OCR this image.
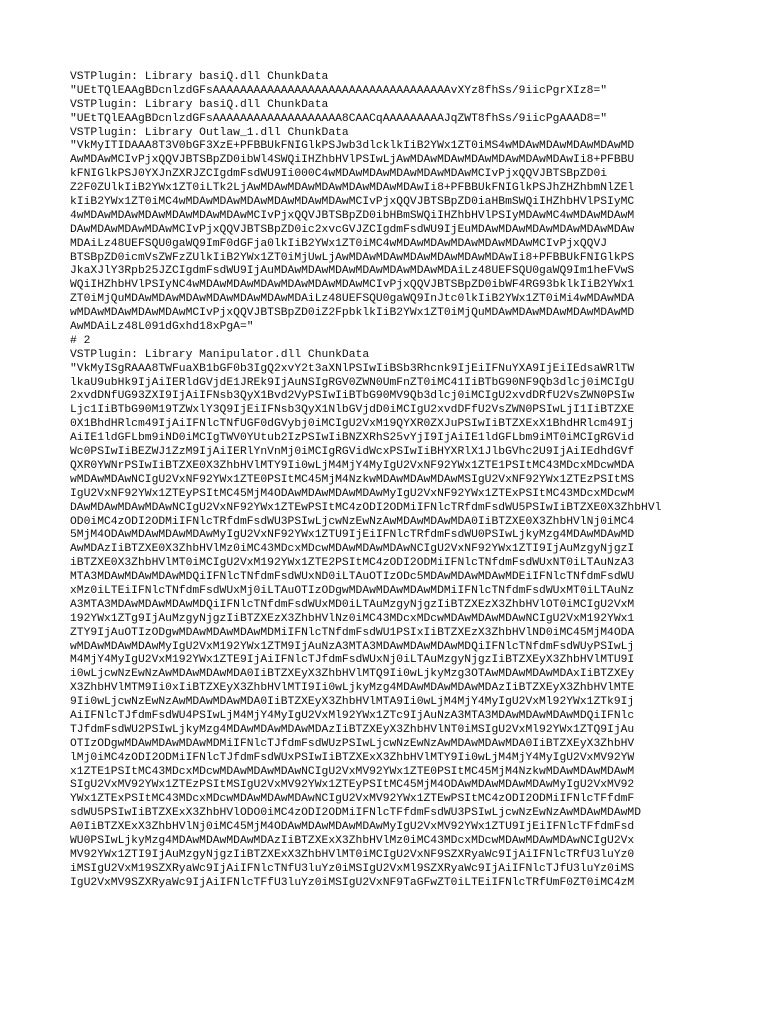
VSTPlugin: Library basiQ.dll ChunkData
"UEtTQlEAAgBDcnlzdGFsAAAAAAAAAAAAAAAAAAAAAAAAAAAAAAAAAAAvXYz8fhSs/9iicPgrXIz8="
VSTPlugin: Library basiQ.dll ChunkData
"UEtTQlEAAgBDcnlzdGFsAAAAAAAAAAAAAAAAAAA8CAACqAAAAAAAAAJqZWT8fhSs/9iicPgAAAD8="
VSTPlugin: Library Outlaw_1.dll ChunkData
"VkMyITIDAAA8T3V0bGF3XzE+PFBBUkFNIGlkPSJwb3dlcklkIiB2YWx1ZT0iMS4wMDAwMDAwMDAwMDAwMD
AwMDAwMCIvPjxQQVJBTSBpZD0ibWl4SWQiIHZhbHVlPSIwLjAwMDAwMDAwMDAwMDAwMDAwMDAwIi8+PFBBU
kFNIGlkPSJ0YXJnZXRJZCIgdmFsdWU9Ii000C4wMDAwMDAwMDAwMDAwMDAwMCIvPjxQQVJBTSBpZD0i
Z2F0ZUlkIiB2YWx1ZT0iLTk2LjAwMDAwMDAwMDAwMDAwMDAwMDAwIi8+PFBBUkFNIGlkPSJhZHZhbmNlZEl
kIiB2YWx1ZT0iMC4wMDAwMDAwMDAwMDAwMDAwMDAwMCIvPjxQQVJBTSBpZD0iaHBmSWQiIHZhbHVlPSIyMC
4wMDAwMDAwMDAwMDAwMDAwMDAwMCIvPjxQQVJBTSBpZD0ibHBmSWQiIHZhbHVlPSIyMDAwMC4wMDAwMDAwM
DAwMDAwMDAwMDAwMCIvPjxQQVJBTSBpZD0ic2xvcGVJZCIgdmFsdWU9IjEuMDAwMDAwMDAwMDAwMDAwMDAw
MDAiLz48UEFSQU0gaWQ9ImF0dGFja0lkIiB2YWx1ZT0iMC4wMDAwMDAwMDAwMDAwMDAwMCIvPjxQQVJ
BTSBpZD0icmVsZWFzZUlkIiB2YWx1ZT0iMjUwLjAwMDAwMDAwMDAwMDAwMDAwMDAwIi8+PFBBUkFNIGlkPS
JkaXJlY3Rpb25JZCIgdmFsdWU9IjAuMDAwMDAwMDAwMDAwMDAwMDAwMDAiLz48UEFSQU0gaWQ9Im1heFVwS
WQiIHZhbHVlPSIyNC4wMDAwMDAwMDAwMDAwMDAwMDAwMCIvPjxQQVJBTSBpZD0ibWF4RG93bklkIiB2YWx1
ZT0iMjQuMDAwMDAwMDAwMDAwMDAwMDAwMDAiLz48UEFSQU0gaWQ9InJtc0lkIiB2YWx1ZT0iMi4wMDAwMDA
wMDAwMDAwMDAwMDAwMCIvPjxQQVJBTSBpZD0iZ2FpbklkIiB2YWx1ZT0iMjQuMDAwMDAwMDAwMDAwMDAwMD
AwMDAiLz48L091dGxhd18xPgA="
# 2
VSTPlugin: Library Manipulator.dll ChunkData
"VkMyISgRAAA8TWFuaXB1bGF0b3IgQ2xvY2t3aXNlPSIwIiBSb3Rhcnk9IjEiIFNuYXA9IjEiIEdsaWRlTW
lkaU9ubHk9IjAiIERldGVjdE1JREk9IjAuNSIgRGV0ZWN0UmFnZT0iMC41IiBTbG90NF9Qb3dlcj0iMCIgU
2xvdDNfUG93ZXI9IjAiIFNsb3QyX1Bvd2VyPSIwIiBTbG90MV9Qb3dlcj0iMCIgU2xvdDRfU2VsZWN0PSIw
Ljc1IiBTbG90M19TZWxlY3Q9IjEiIFNsb3QyX1NlbGVjdD0iMCIgU2xvdDFfU2VsZWN0PSIwLjI1IiBTZXE
0X1BhdHRlcm49IjAiIFNlcTNfUGF0dGVybj0iMCIgU2VxM19QYXR0ZXJuPSIwIiBTZXExX1BhdHRlcm49Ij
AiIE1ldGFLbm9iND0iMCIgTWV0YUtub2IzPSIwIiBNZXRhS25vYjI9IjAiIE1ldGFLbm9iMT0iMCIgRGVid
Wc0PSIwIiBEZWJ1ZzM9IjAiIERlYnVnMj0iMCIgRGVidWcxPSIwIiBHYXRlX1JlbGVhc2U9IjAiIEdhdGVf
QXR0YWNrPSIwIiBTZXE0X3ZhbHVlMTY9Ii0wLjM4MjY4MyIgU2VxNF92YWx1ZTE1PSItMC43MDcxMDcwMDA
wMDAwMDAwNCIgU2VxNF92YWx1ZTE0PSItMC45MjM4NzkwMDAwMDAwMDAwMSIgU2VxNF92YWx1ZTEzPSItMS
IgU2VxNF92YWx1ZTEyPSItMC45MjM4ODAwMDAwMDAwMDAwMyIgU2VxNF92YWx1ZTExPSItMC43MDcxMDcwM
DAwMDAwMDAwMDAwNCIgU2VxNF92YWx1ZTEwPSItMC4zODI2ODMiIFNlcTRfdmFsdWU5PSIwIiBTZXE0X3ZhbHVl
OD0iMC4zODI2ODMiIFNlcTRfdmFsdWU3PSIwLjcwNzEwNzAwMDAwMDAwMDA0IiBTZXE0X3ZhbHVlNj0iMC4
5MjM4ODAwMDAwMDAwMDAwMyIgU2VxNF92YWx1ZTU9IjEiIFNlcTRfdmFsdWU0PSIwLjkyMzg4MDAwMDAwMD
AwMDAzIiBTZXE0X3ZhbHVlMz0iMC43MDcxMDcwMDAwMDAwMDAwNCIgU2VxNF92YWx1ZTI9IjAuMzgyNjgzI
iBTZXE0X3ZhbHVlMT0iMCIgU2VxM192YWx1ZTE2PSItMC4zODI2ODMiIFNlcTNfdmFsdWUxNT0iLTAuNzA3
MTA3MDAwMDAwMDAwMDQiIFNlcTNfdmFsdWUxND0iLTAuOTIzODc5MDAwMDAwMDAwMDEiIFNlcTNfdmFsdWU
xMz0iLTEiIFNlcTNfdmFsdWUxMj0iLTAuOTIzODgwMDAwMDAwMDAwMDMiIFNlcTNfdmFsdWUxMT0iLTAuNz
A3MTA3MDAwMDAwMDAwMDQiIFNlcTNfdmFsdWUxMD0iLTAuMzgyNjgzIiBTZXEzX3ZhbHVlOT0iMCIgU2VxM
192YWx1ZTg9IjAuMzgyNjgzIiBTZXEzX3ZhbHVlNz0iMC43MDcxMDcwMDAwMDAwMDAwNCIgU2VxM192YWx1
ZTY9IjAuOTIzODgwMDAwMDAwMDAwMDMiIFNlcTNfdmFsdWU1PSIxIiBTZXEzX3ZhbHVlND0iMC45MjM4ODA
wMDAwMDAwMDAwMyIgU2VxM192YWx1ZTM9IjAuNzA3MTA3MDAwMDAwMDAwMDQiIFNlcTNfdmFsdWUyPSIwLj
M4MjY4MyIgU2VxM192YWx1ZTE9IjAiIFNlcTJfdmFsdWUxNj0iLTAuMzgyNjgzIiBTZXEyX3ZhbHVlMTU9I
i0wLjcwNzEwNzAwMDAwMDAwMDA0IiBTZXEyX3ZhbHVlMTQ9Ii0wLjkyMzg3OTAwMDAwMDAwMDAxIiBTZXEy
X3ZhbHVlMTM9Ii0xIiBTZXEyX3ZhbHVlMTI9Ii0wLjkyMzg4MDAwMDAwMDAwMDAzIiBTZXEyX3ZhbHVlMTE
9Ii0wLjcwNzEwNzAwMDAwMDAwMDA0IiBTZXEyX3ZhbHVlMTA9Ii0wLjM4MjY4MyIgU2VxMl92YWx1ZTk9Ij
AiIFNlcTJfdmFsdWU4PSIwLjM4MjY4MyIgU2VxMl92YWx1ZTc9IjAuNzA3MTA3MDAwMDAwMDAwMDQiIFNlc
TJfdmFsdWU2PSIwLjkyMzg4MDAwMDAwMDAwMDAzIiBTZXEyX3ZhbHVlNT0iMSIgU2VxMl92YWx1ZTQ9IjAu
OTIzODgwMDAwMDAwMDAwMDMiIFNlcTJfdmFsdWUzPSIwLjcwNzEwNzAwMDAwMDAwMDA0IiBTZXEyX3ZhbHV
lMj0iMC4zODI2ODMiIFNlcTJfdmFsdWUxPSIwIiBTZXExX3ZhbHVlMTY9Ii0wLjM4MjY4MyIgU2VxMV92YW
x1ZTE1PSItMC43MDcxMDcwMDAwMDAwMDAwNCIgU2VxMV92YWx1ZTE0PSItMC45MjM4NzkwMDAwMDAwMDAwM
SIgU2VxMV92YWx1ZTEzPSItMSIgU2VxMV92YWx1ZTEyPSItMC45MjM4ODAwMDAwMDAwMDAwMyIgU2VxMV92
YWx1ZTExPSItMC43MDcxMDcwMDAwMDAwMDAwNCIgU2VxMV92YWx1ZTEwPSItMC4zODI2ODMiIFNlcTFfdmF
sdWU5PSIwIiBTZXExX3ZhbHVlODO0iMC4zODI2ODMiIFNlcTFfdmFsdWU3PSIwLjcwNzEwNzAwMDAwMDAwMD
A0IiBTZXExX3ZhbHVlNj0iMC45MjM4ODAwMDAwMDAwMDAwMyIgU2VxMV92YWx1ZTU9IjEiIFNlcTFfdmFsd
WU0PSIwLjkyMzg4MDAwMDAwMDAwMDAzIiBTZXExX3ZhbHVlMz0iMC43MDcxMDcwMDAwMDAwMDAwNCIgU2Vx
MV92YWx1ZTI9IjAuMzgyNjgzIiBTZXExX3ZhbHVlMT0iMCIgU2VxNF9SZXRyaWc9IjAiIFNlcTRfU3luYz0
iMSIgU2VxM19SZXRyaWc9IjAiIFNlcTNfU3luYz0iMSIgU2VxMl9SZXRyaWc9IjAiIFNlcTJfU3luYz0iMS
IgU2VxMV9SZXRyaWc9IjAiIFNlcTFfU3luYz0iMSIgU2VxNF9TaGFwZT0iLTEiIFNlcTRfUmF0ZT0iMC4zM
